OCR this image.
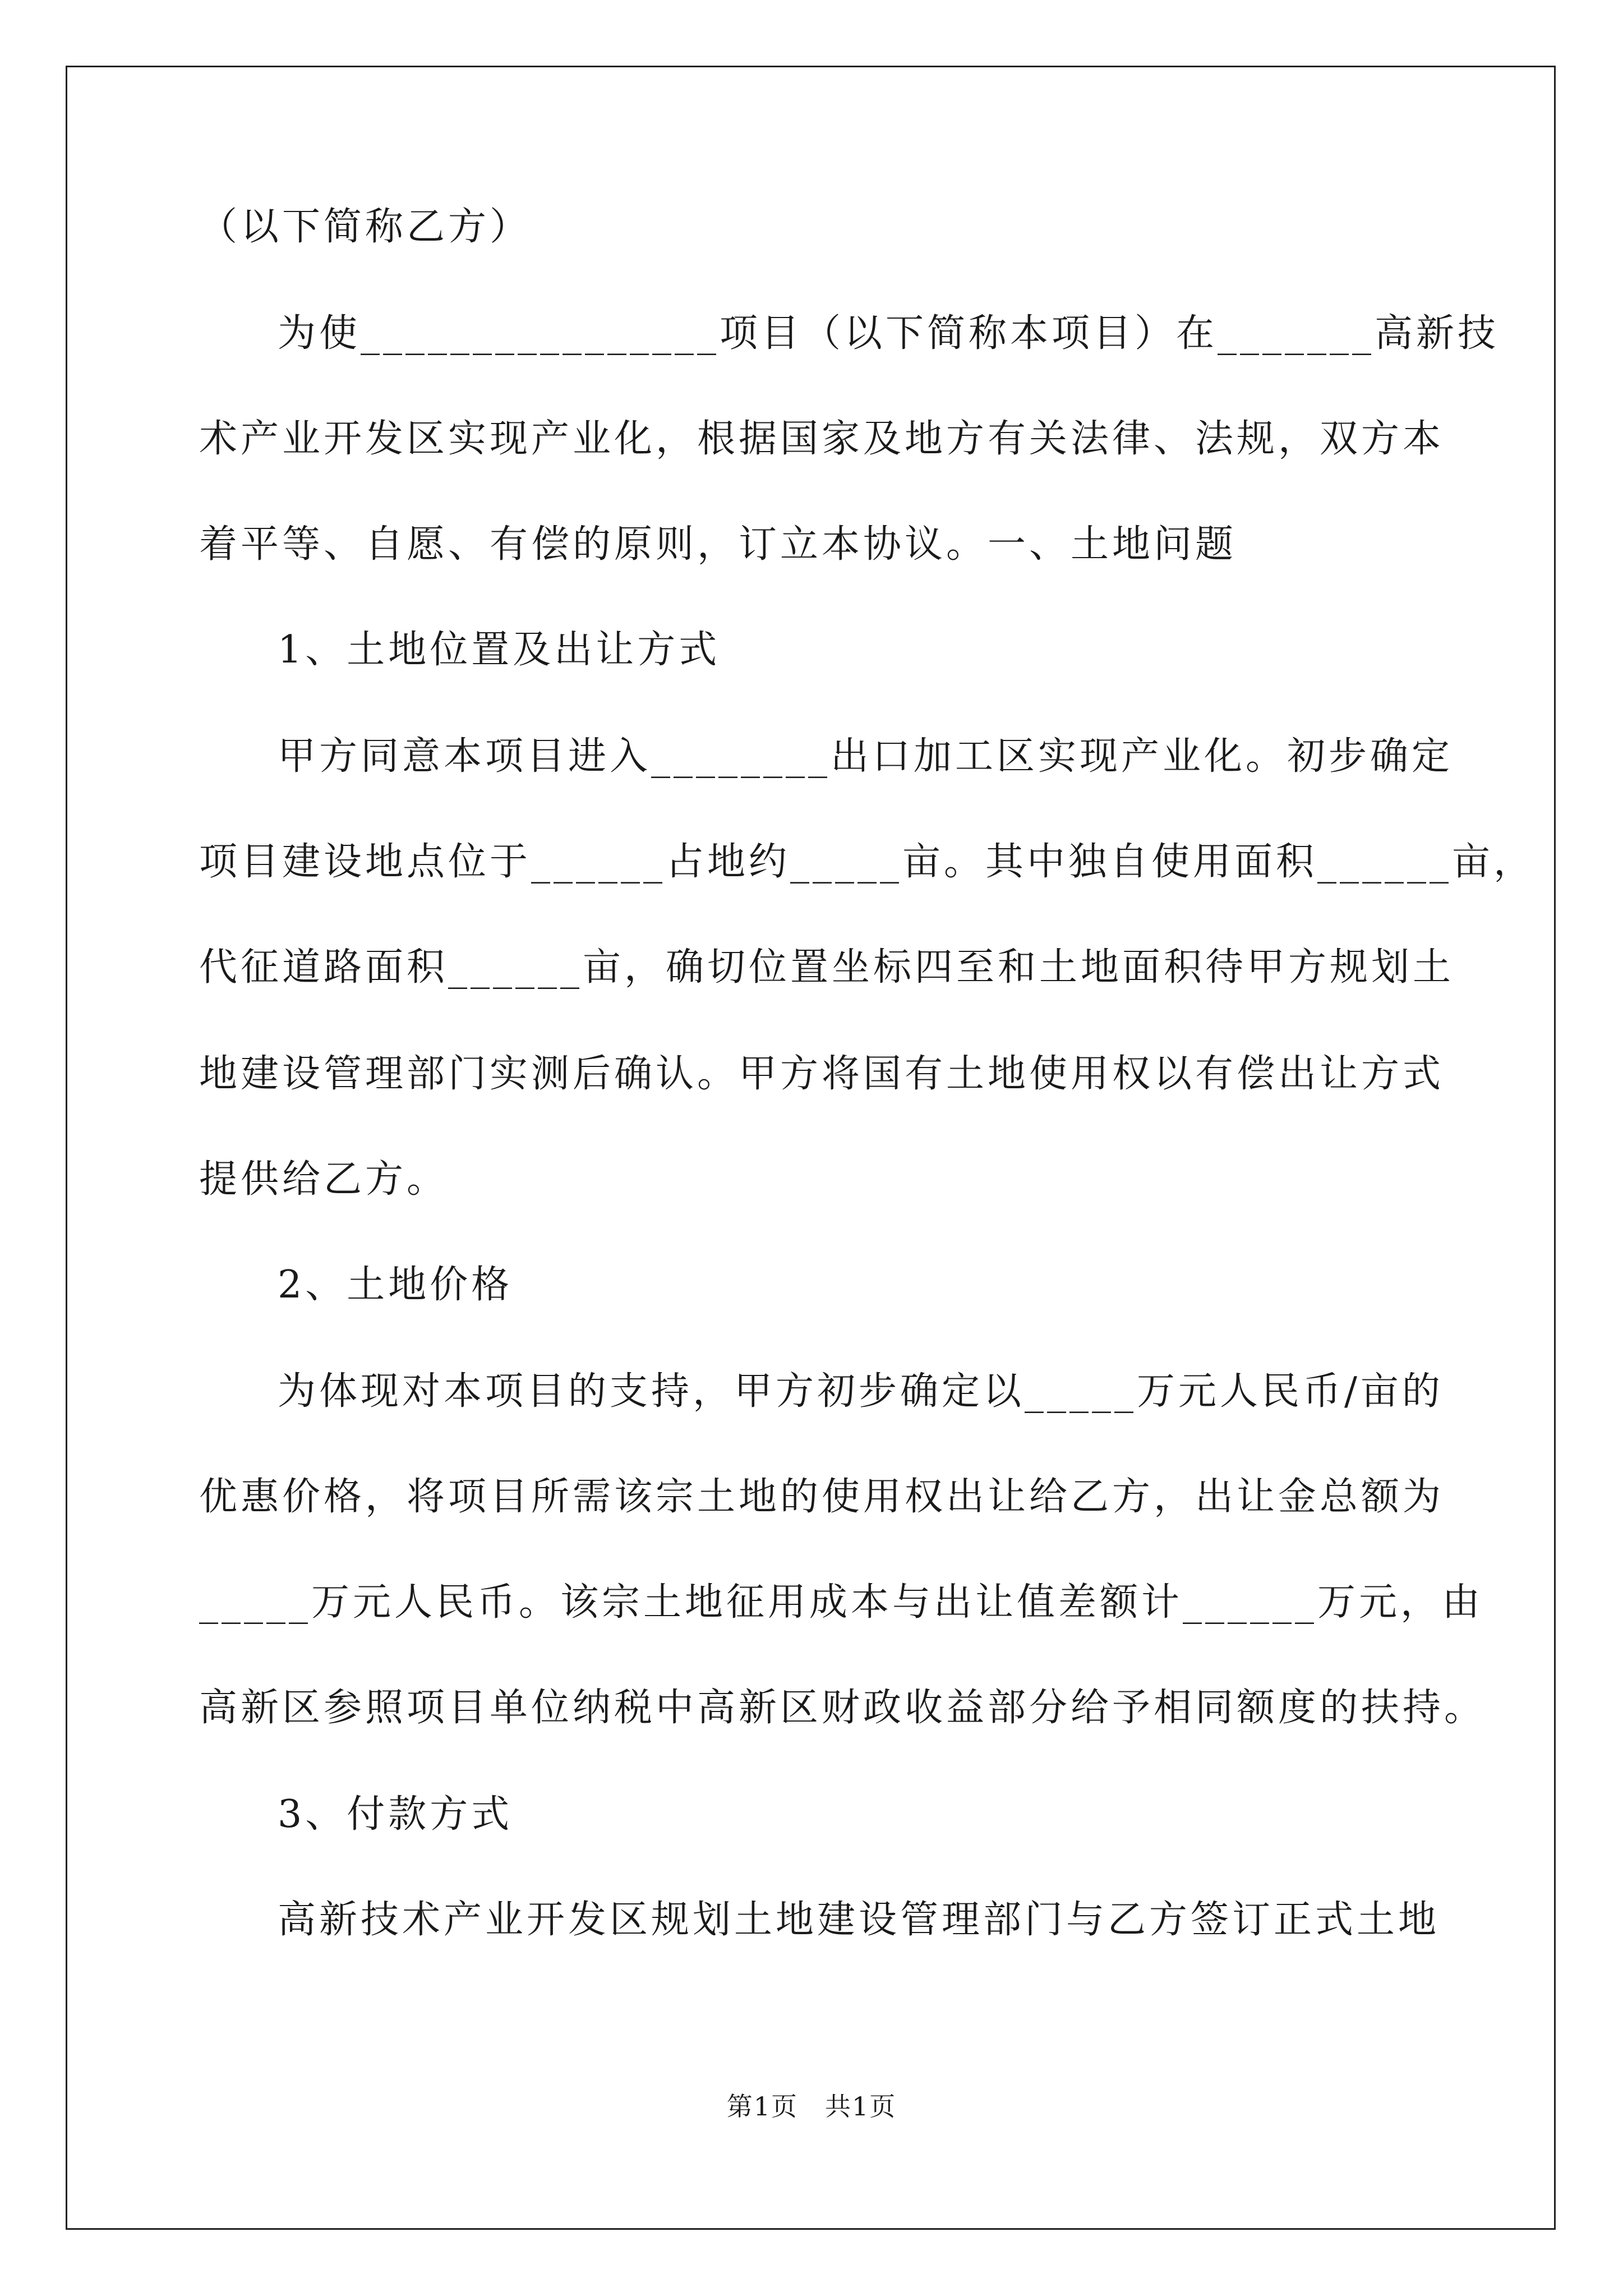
（以下简称乙方）
为使________________项目（以下简称本项目）在_______高新技
术产业开发区实现产业化，根据国家及地方有关法律、法规，双方本
着平等、自愿、有偿的原则，订立本协议。一、土地问题
1、土地位置及出让方式
甲方同意本项目进入________出口加工区实现产业化。初步确定
项目建设地点位于______占地约_____亩。其中独自使用面积______亩，
代征道路面积______亩，确切位置坐标四至和土地面积待甲方规划土
地建设管理部门实测后确认。甲方将国有土地使用权以有偿出让方式
提供给乙方。
2、土地价格
为体现对本项目的支持，甲方初步确定以_____万元人民币/亩的
优惠价格，将项目所需该宗土地的使用权出让给乙方，出让金总额为
_____万元人民币。该宗土地征用成本与出让值差额计______万元，由
高新区参照项目单位纳税中高新区财政收益部分给予相同额度的扶持。
3、付款方式
高新技术产业开发区规划土地建设管理部门与乙方签订正式土地
第1页　共1页
